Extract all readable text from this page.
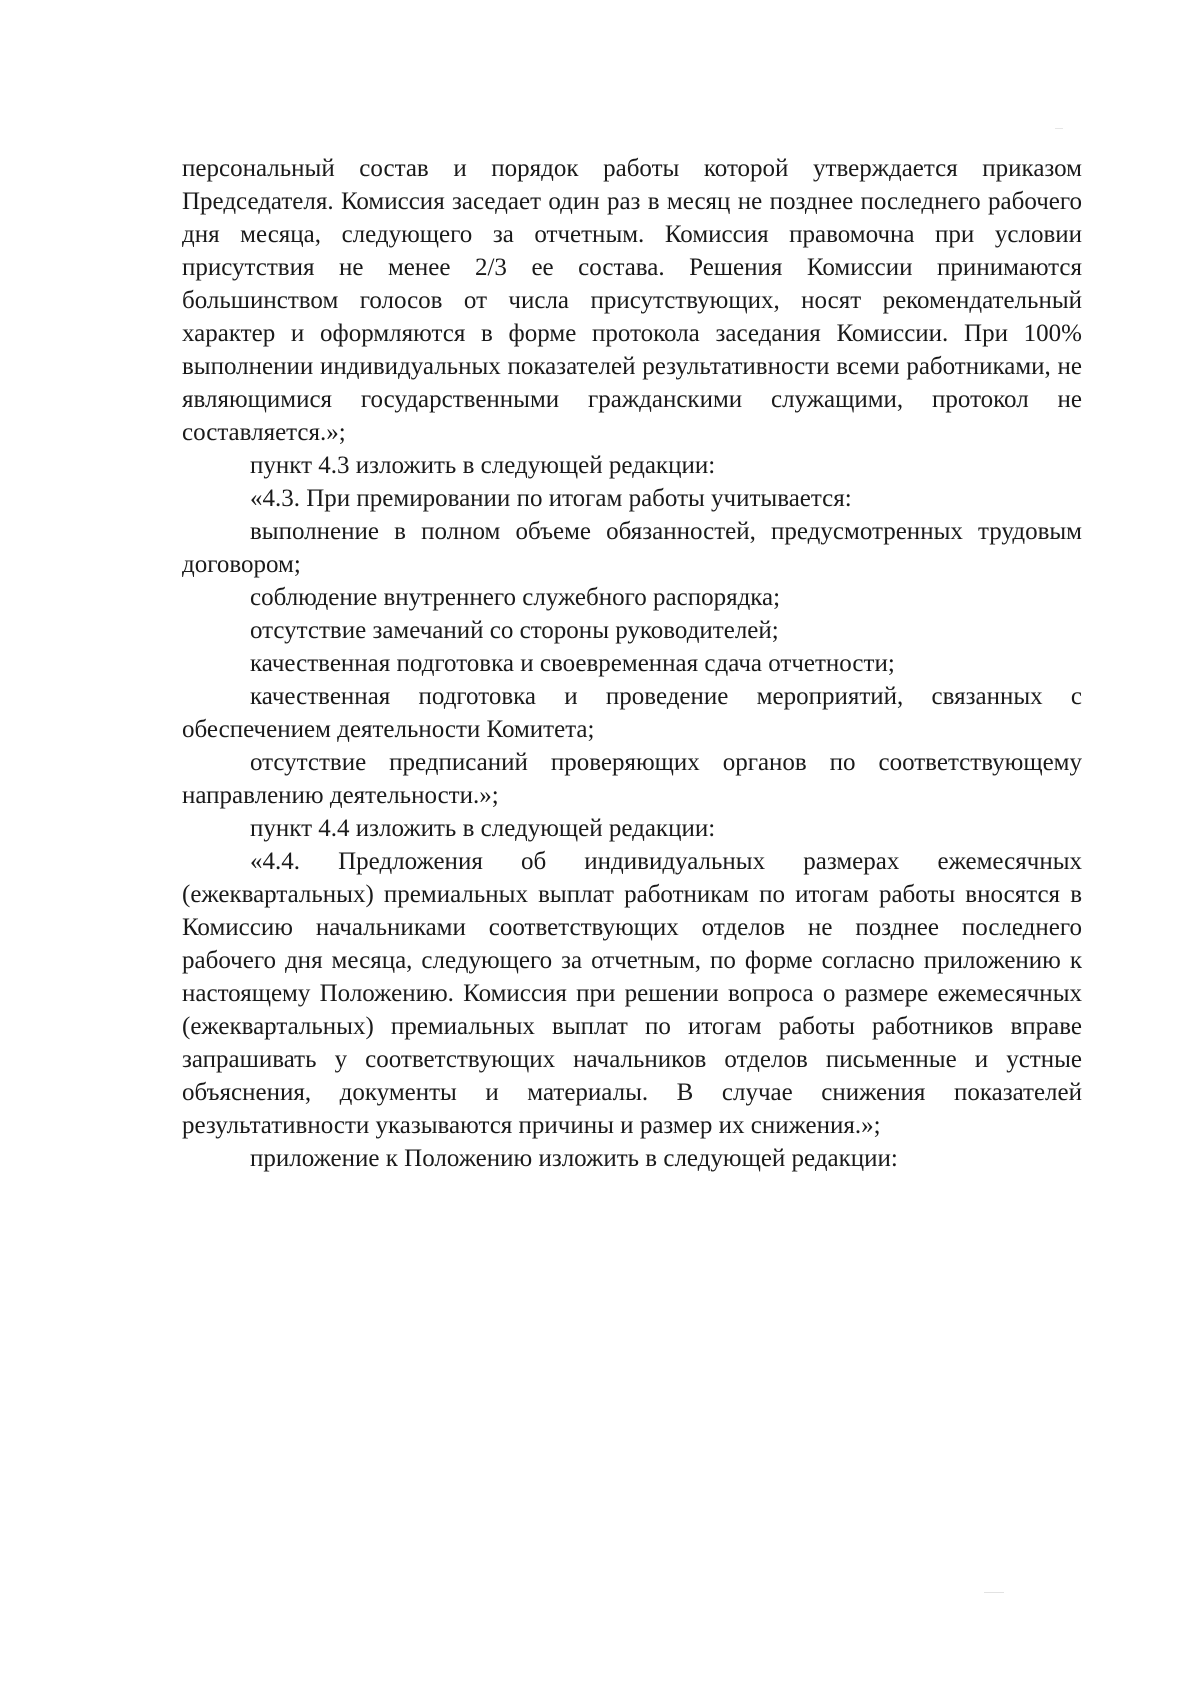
персональный состав и порядок работы которой утверждается приказом Председателя. Комиссия заседает один раз в месяц не позднее последнего рабочего дня месяца, следующего за отчетным. Комиссия правомочна при условии присутствия не менее 2/3 ее состава. Решения Комиссии принимаются большинством голосов от числа присутствующих, носят рекомендательный характер и оформляются в форме протокола заседания Комиссии. При 100% выполнении индивидуальных показателей результативности всеми работниками, не являющимися государственными гражданскими служащими, протокол не составляется.»;

пункт 4.3 изложить в следующей редакции:

«4.3. При премировании по итогам работы учитывается:

выполнение в полном объеме обязанностей, предусмотренных трудовым договором;

соблюдение внутреннего служебного распорядка;

отсутствие замечаний со стороны руководителей;

качественная подготовка и своевременная сдача отчетности;

качественная подготовка и проведение мероприятий, связанных с обеспечением деятельности Комитета;

отсутствие предписаний проверяющих органов по соответствующему направлению деятельности.»;

пункт 4.4 изложить в следующей редакции:

«4.4. Предложения об индивидуальных размерах ежемесячных (ежеквартальных) премиальных выплат работникам по итогам работы вносятся в Комиссию начальниками соответствующих отделов не позднее последнего рабочего дня месяца, следующего за отчетным, по форме согласно приложению к настоящему Положению. Комиссия при решении вопроса о размере ежемесячных (ежеквартальных) премиальных выплат по итогам работы работников вправе запрашивать у соответствующих начальников отделов письменные и устные объяснения, документы и материалы. В случае снижения показателей результативности указываются причины и размер их снижения.»;

приложение к Положению изложить в следующей редакции:
